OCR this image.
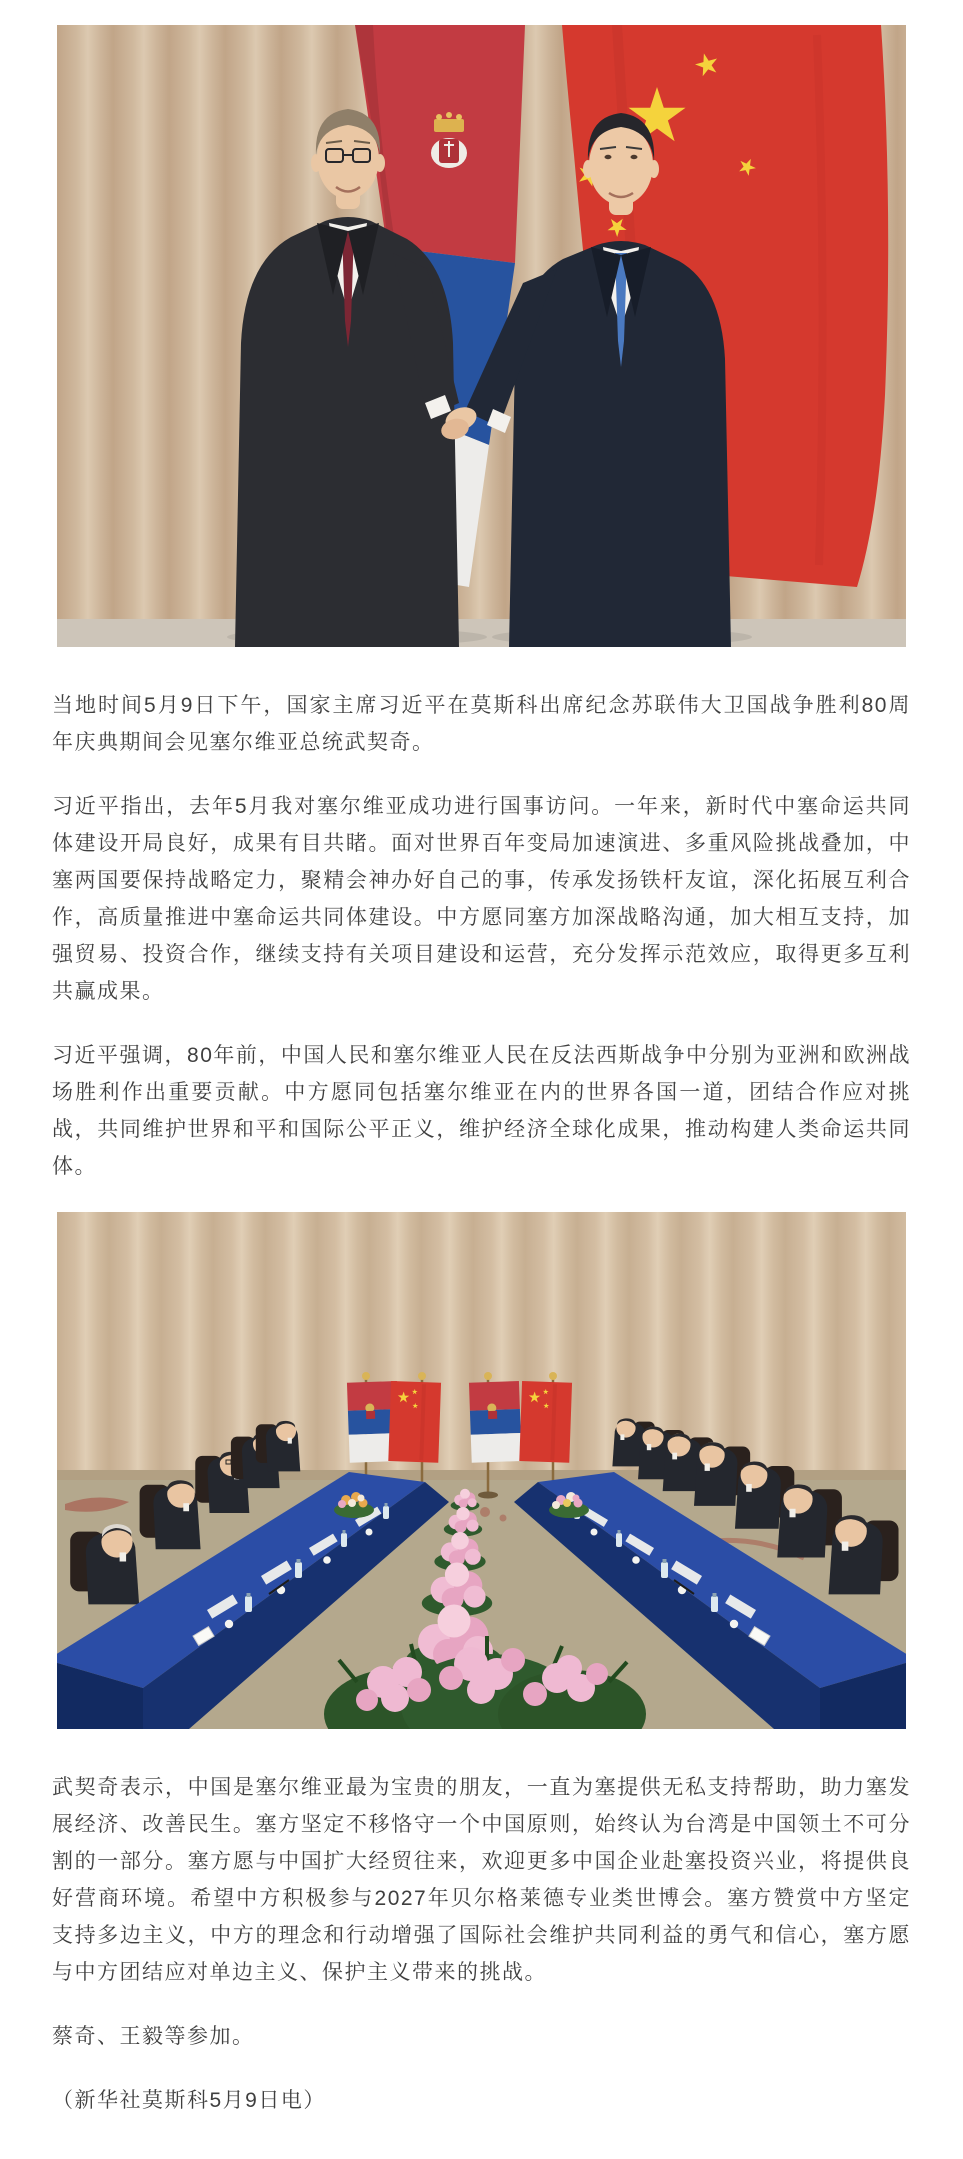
当地时间5月9日下午，国家主席习近平在莫斯科出席纪念苏联伟大卫国战争胜利80周年庆典期间会见塞尔维亚总统武契奇。

习近平指出，去年5月我对塞尔维亚成功进行国事访问。一年来，新时代中塞命运共同体建设开局良好，成果有目共睹。面对世界百年变局加速演进、多重风险挑战叠加，中塞两国要保持战略定力，聚精会神办好自己的事，传承发扬铁杆友谊，深化拓展互利合作，高质量推进中塞命运共同体建设。中方愿同塞方加深战略沟通，加大相互支持，加强贸易、投资合作，继续支持有关项目建设和运营，充分发挥示范效应，取得更多互利共赢成果。

习近平强调，80年前，中国人民和塞尔维亚人民在反法西斯战争中分别为亚洲和欧洲战场胜利作出重要贡献。中方愿同包括塞尔维亚在内的世界各国一道，团结合作应对挑战，共同维护世界和平和国际公平正义，维护经济全球化成果，推动构建人类命运共同体。

武契奇表示，中国是塞尔维亚最为宝贵的朋友，一直为塞提供无私支持帮助，助力塞发展经济、改善民生。塞方坚定不移恪守一个中国原则，始终认为台湾是中国领土不可分割的一部分。塞方愿与中国扩大经贸往来，欢迎更多中国企业赴塞投资兴业，将提供良好营商环境。希望中方积极参与2027年贝尔格莱德专业类世博会。塞方赞赏中方坚定支持多边主义，中方的理念和行动增强了国际社会维护共同利益的勇气和信心，塞方愿与中方团结应对单边主义、保护主义带来的挑战。

蔡奇、王毅等参加。

（新华社莫斯科5月9日电）
